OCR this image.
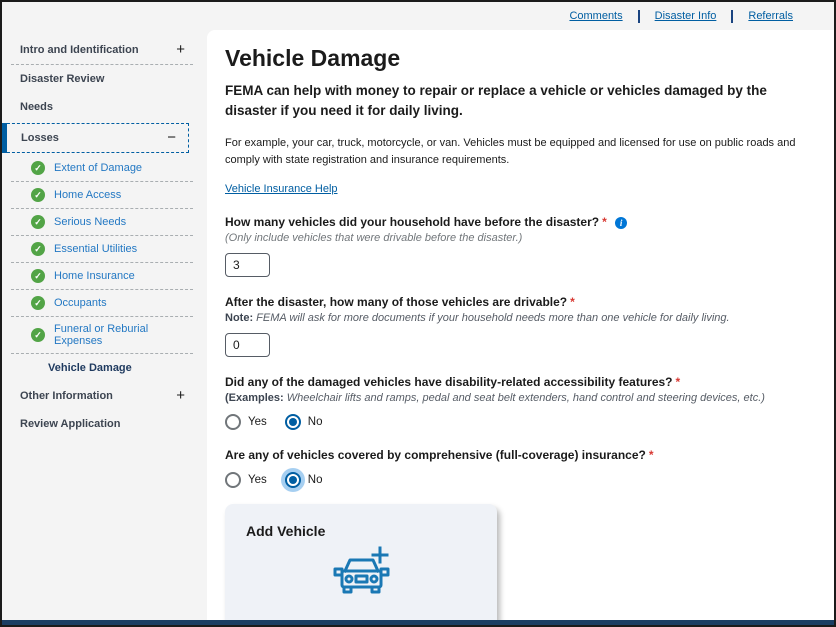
Comments	Disaster Info	Referrals
Intro and Identification	+
Disaster Review
Needs
Losses	−
✓ Extent of Damage
✓ Home Access
✓ Serious Needs
✓ Essential Utilities
✓ Home Insurance
✓ Occupants
✓ Funeral or Reburial Expenses
Vehicle Damage
Other Information	+
Review Application
Vehicle Damage

FEMA can help with money to repair or replace a vehicle or vehicles damaged by the disaster if you need it for daily living.

For example, your car, truck, motorcycle, or van. Vehicles must be equipped and licensed for use on public roads and comply with state registration and insurance requirements.

Vehicle Insurance Help
How many vehicles did your household have before the disaster? * i
(Only include vehicles that were drivable before the disaster.)
3
After the disaster, how many of those vehicles are drivable? *
Note: FEMA will ask for more documents if your household needs more than one vehicle for daily living.
0
Did any of the damaged vehicles have disability-related accessibility features? *
(Examples: Wheelchair lifts and ramps, pedal and seat belt extenders, hand control and steering devices, etc.)
Yes	No
Are any of vehicles covered by comprehensive (full-coverage) insurance? *
Yes	No
Add Vehicle
